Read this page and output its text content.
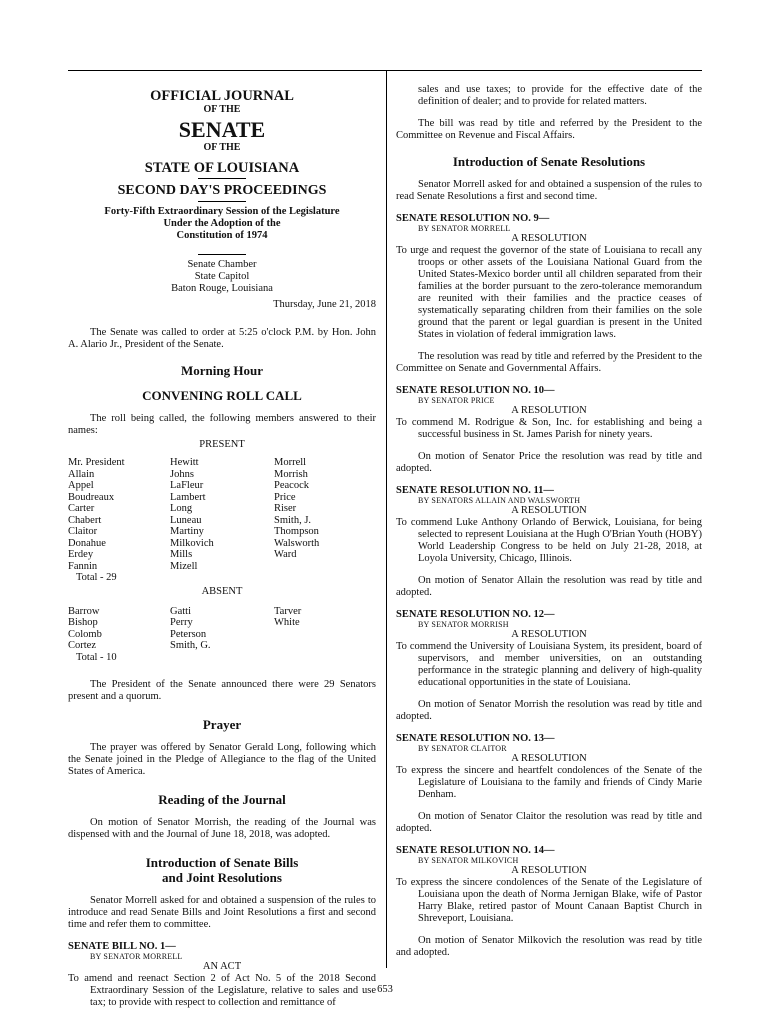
OFFICIAL JOURNAL
OF THE
SENATE
OF THE
STATE OF LOUISIANA
SECOND DAY'S PROCEEDINGS
Forty-Fifth Extraordinary Session of the Legislature
Under the Adoption of the
Constitution of 1974
Senate Chamber
State Capitol
Baton Rouge, Louisiana
Thursday, June 21, 2018

The Senate was called to order at 5:25 o'clock P.M. by Hon. John A. Alario Jr., President of the Senate.

Morning Hour
CONVENING ROLL CALL

The roll being called, the following members answered to their names:

PRESENT
Mr. President
Allain
Appel
Boudreaux
Carter
Chabert
Claitor
Donahue
Erdey
Fannin
Total - 29
Hewitt
Johns
LaFleur
Lambert
Long
Luneau
Martiny
Milkovich
Mills
Mizell
Morrell
Morrish
Peacock
Price
Riser
Smith, J.
Thompson
Walsworth
Ward
ABSENT
Barrow
Bishop
Colomb
Cortez
Total - 10
Gatti
Perry
Peterson
Smith, G.
Tarver
White

The President of the Senate announced there were 29 Senators present and a quorum.

Prayer

The prayer was offered by Senator Gerald Long, following which the Senate joined in the Pledge of Allegiance to the flag of the United States of America.

Reading of the Journal

On motion of Senator Morrish, the reading of the Journal was dispensed with and the Journal of June 18, 2018, was adopted.

Introduction of Senate Bills
and Joint Resolutions

Senator Morrell asked for and obtained a suspension of the rules to introduce and read Senate Bills and Joint Resolutions a first and second time and refer them to committee.

SENATE BILL NO. 1—
BY SENATOR MORRELL
AN ACT

To amend and reenact Section 2 of Act No. 5 of the 2018 Second Extraordinary Session of the Legislature, relative to sales and use tax; to provide with respect to collection and remittance of

sales and use taxes; to provide for the effective date of the definition of dealer; and to provide for related matters.

The bill was read by title and referred by the President to the Committee on Revenue and Fiscal Affairs.

Introduction of Senate Resolutions

Senator Morrell asked for and obtained a suspension of the rules to read Senate Resolutions a first and second time.

SENATE RESOLUTION NO. 9—
BY SENATOR MORRELL
A RESOLUTION

To urge and request the governor of the state of Louisiana to recall any troops or other assets of the Louisiana National Guard from the United States-Mexico border until all children separated from their families at the border pursuant to the zero-tolerance memorandum are reunited with their families and the practice ceases of systematically separating children from their families on the sole ground that the parent or legal guardian is present in the United States in violation of federal immigration laws.

The resolution was read by title and referred by the President to the Committee on Senate and Governmental Affairs.

SENATE RESOLUTION NO. 10—
BY SENATOR PRICE
A RESOLUTION

To commend M. Rodrigue & Son, Inc. for establishing and being a successful business in St. James Parish for ninety years.

On motion of Senator Price the resolution was read by title and adopted.

SENATE RESOLUTION NO. 11—
BY SENATORS ALLAIN AND WALSWORTH
A RESOLUTION

To commend Luke Anthony Orlando of Berwick, Louisiana, for being selected to represent Louisiana at the Hugh O'Brian Youth (HOBY) World Leadership Congress to be held on July 21-28, 2018, at Loyola University, Chicago, Illinois.

On motion of Senator Allain the resolution was read by title and adopted.

SENATE RESOLUTION NO. 12—
BY SENATOR MORRISH
A RESOLUTION

To commend the University of Louisiana System, its president, board of supervisors, and member universities, on an outstanding performance in the strategic planning and delivery of high-quality educational opportunities in the state of Louisiana.

On motion of Senator Morrish the resolution was read by title and adopted.

SENATE RESOLUTION NO. 13—
BY SENATOR CLAITOR
A RESOLUTION

To express the sincere and heartfelt condolences of the Senate of the Legislature of Louisiana to the family and friends of Cindy Marie Denham.

On motion of Senator Claitor the resolution was read by title and adopted.

SENATE RESOLUTION NO. 14—
BY SENATOR MILKOVICH
A RESOLUTION

To express the sincere condolences of the Senate of the Legislature of Louisiana upon the death of Norma Jernigan Blake, wife of Pastor Harry Blake, retired pastor of Mount Canaan Baptist Church in Shreveport, Louisiana.

On motion of Senator Milkovich the resolution was read by title and adopted.

653
